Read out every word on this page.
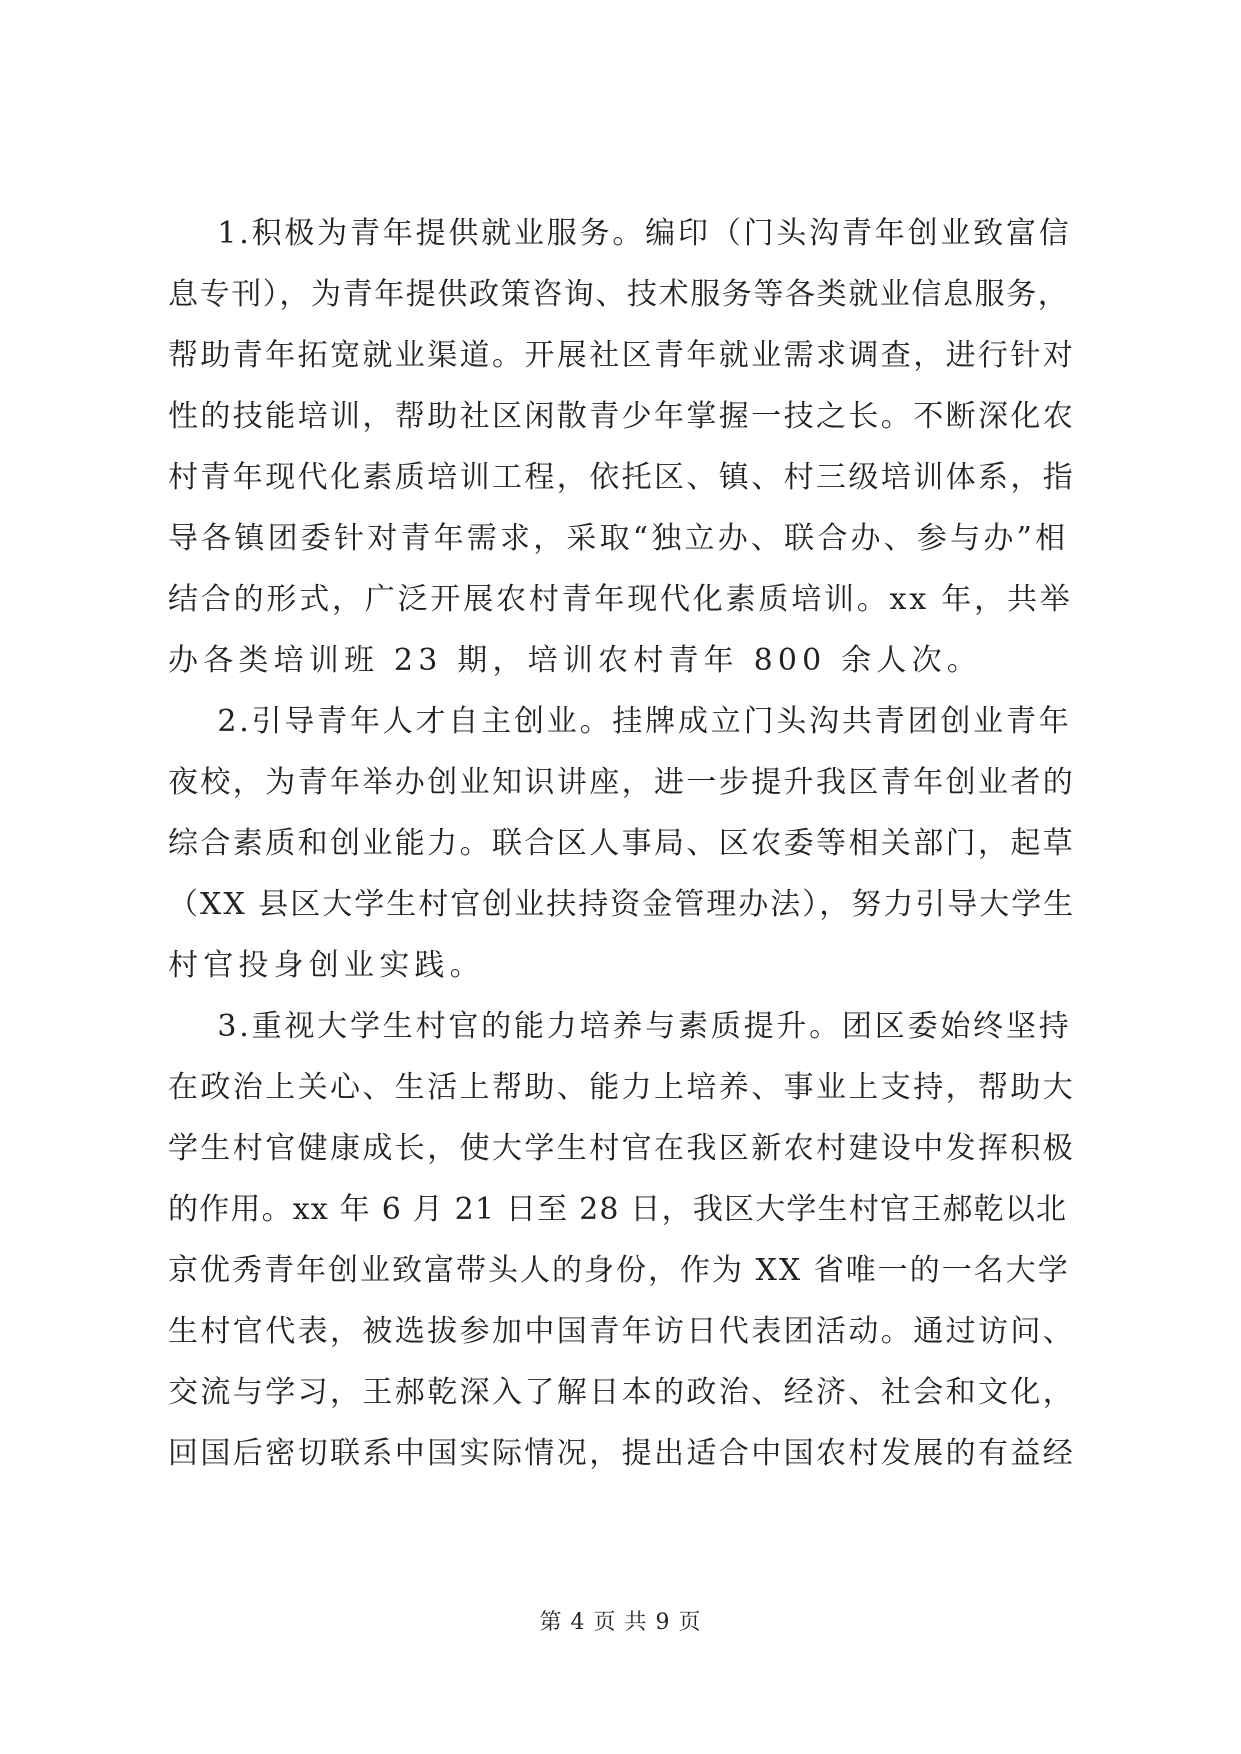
1.积极为青年提供就业服务。编印（门头沟青年创业致富信
息专刊），为青年提供政策咨询、技术服务等各类就业信息服务，
帮助青年拓宽就业渠道。开展社区青年就业需求调查，进行针对
性的技能培训，帮助社区闲散青少年掌握一技之长。不断深化农
村青年现代化素质培训工程，依托区、镇、村三级培训体系，指
导各镇团委针对青年需求，采取“独立办、联合办、参与办”相
结合的形式，广泛开展农村青年现代化素质培训。xx 年，共举
办各类培训班 23 期，培训农村青年 800 余人次。
2.引导青年人才自主创业。挂牌成立门头沟共青团创业青年
夜校，为青年举办创业知识讲座，进一步提升我区青年创业者的
综合素质和创业能力。联合区人事局、区农委等相关部门，起草
（XX 县区大学生村官创业扶持资金管理办法），努力引导大学生
村官投身创业实践。
3.重视大学生村官的能力培养与素质提升。团区委始终坚持
在政治上关心、生活上帮助、能力上培养、事业上支持，帮助大
学生村官健康成长，使大学生村官在我区新农村建设中发挥积极
的作用。xx 年 6 月 21 日至 28 日，我区大学生村官王郝乾以北
京优秀青年创业致富带头人的身份，作为 XX 省唯一的一名大学
生村官代表，被选拔参加中国青年访日代表团活动。通过访问、
交流与学习，王郝乾深入了解日本的政治、经济、社会和文化，
回国后密切联系中国实际情况，提出适合中国农村发展的有益经
第 4 页 共 9 页
